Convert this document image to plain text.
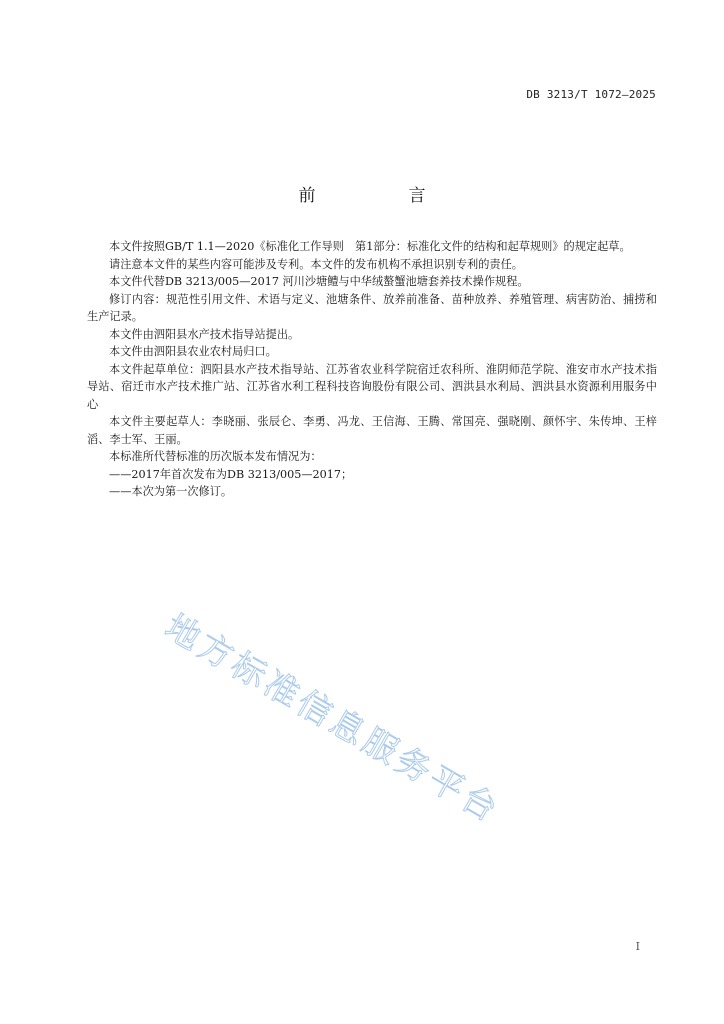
DB 3213/T 1072—2025
前　言

本文件按照GB/T 1.1—2020《标准化工作导则　第1部分：标准化文件的结构和起草规则》的规定起草。

请注意本文件的某些内容可能涉及专利。本文件的发布机构不承担识别专利的责任。

本文件代替DB 3213/005—2017 河川沙塘鳢与中华绒螯蟹池塘套养技术操作规程。

修订内容：规范性引用文件、术语与定义、池塘条件、放养前准备、苗种放养、养殖管理、病害防治、捕捞和生产记录。

本文件由泗阳县水产技术指导站提出。

本文件由泗阳县农业农村局归口。

本文件起草单位：泗阳县水产技术指导站、江苏省农业科学院宿迁农科所、淮阴师范学院、淮安市水产技术指导站、宿迁市水产技术推广站、江苏省水利工程科技咨询股份有限公司、泗洪县水利局、泗洪县水资源利用服务中心

本文件主要起草人：李晓丽、张辰仑、李勇、冯龙、王信海、王腾、常国亮、强晓刚、颜怀宇、朱传坤、王梓滔、李士军、王丽。

本标准所代替标准的历次版本发布情况为：

——2017年首次发布为DB 3213/005—2017；

——本次为第一次修订。

地方标准信息服务平台
I
